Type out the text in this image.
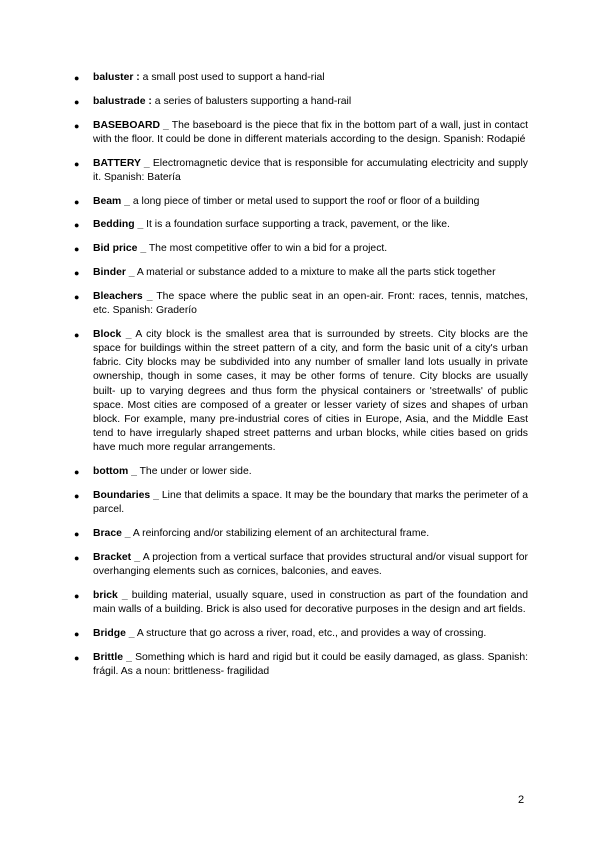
● baluster : a small post used to support a hand-rial
● balustrade : a series of balusters supporting a hand-rail
● BASEBOARD _ The baseboard is the piece that fix in the bottom part of a wall, just in contact with the floor. It could be done in different materials according to the design. Spanish: Rodapié
● BATTERY _ Electromagnetic device that is responsible for accumulating electricity and supply it. Spanish: Batería
● Beam _ a long piece of timber or metal used to support the roof or floor of a building
● Bedding _ It is a foundation surface supporting a track, pavement, or the like.
● Bid price _ The most competitive offer to win a bid for a project.
● Binder _ A material or substance added to a mixture to make all the parts stick together
● Bleachers _ The space where the public seat in an open-air. Front: races, tennis, matches, etc. Spanish: Graderío
● Block _ A city block is the smallest area that is surrounded by streets. City blocks are the space for buildings within the street pattern of a city, and form the basic unit of a city's urban fabric. City blocks may be subdivided into any number of smaller land lots usually in private ownership, though in some cases, it may be other forms of tenure. City blocks are usually built- up to varying degrees and thus form the physical containers or 'streetwalls' of public space. Most cities are composed of a greater or lesser variety of sizes and shapes of urban block. For example, many pre-industrial cores of cities in Europe, Asia, and the Middle East tend to have irregularly shaped street patterns and urban blocks, while cities based on grids have much more regular arrangements.
● bottom _ The under or lower side.
● Boundaries _ Line that delimits a space. It may be the boundary that marks the perimeter of a parcel.
● Brace _ A reinforcing and/or stabilizing element of an architectural frame.
● Bracket _ A projection from a vertical surface that provides structural and/or visual support for overhanging elements such as cornices, balconies, and eaves.
● brick _ building material, usually square, used in construction as part of the foundation and main walls of a building. Brick is also used for decorative purposes in the design and art fields.
● Bridge _ A structure that go across a river, road, etc., and provides a way of crossing.
● Brittle _ Something which is hard and rigid but it could be easily damaged, as glass. Spanish: frágil. As a noun: brittleness- fragilidad
2
